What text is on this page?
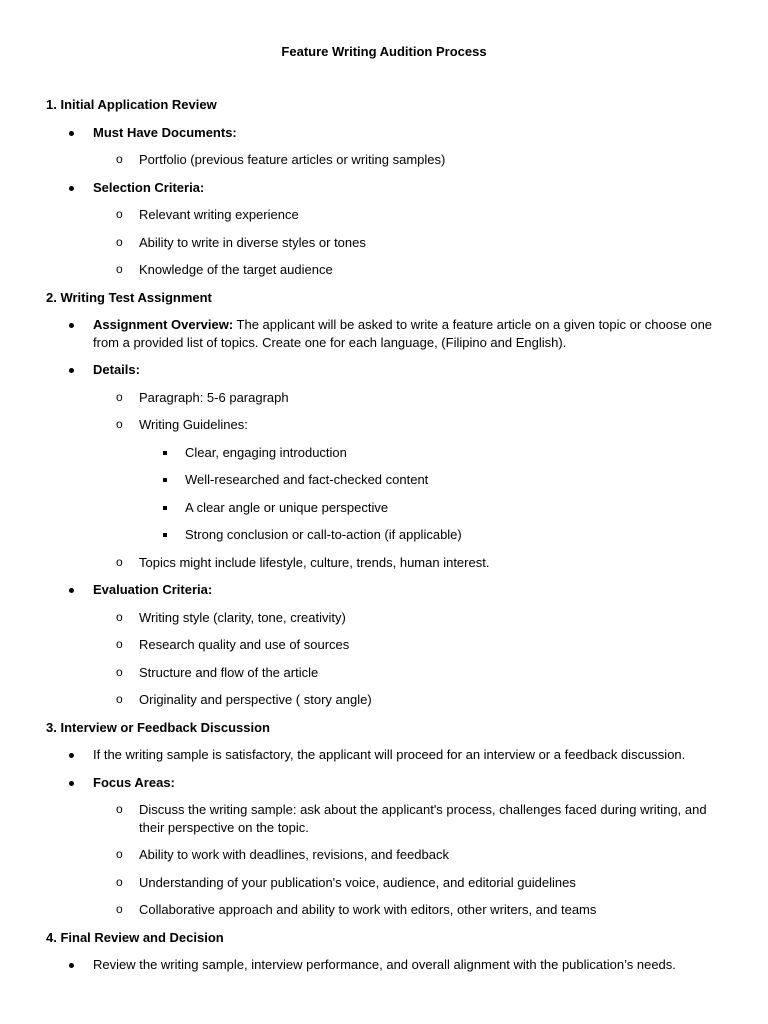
Feature Writing Audition Process
1. Initial Application Review
Must Have Documents:
o Portfolio (previous feature articles or writing samples)
Selection Criteria:
o Relevant writing experience
o Ability to write in diverse styles or tones
o Knowledge of the target audience
2. Writing Test Assignment
Assignment Overview: The applicant will be asked to write a feature article on a given topic or choose one from a provided list of topics. Create one for each language, (Filipino and English).
Details:
o Paragraph: 5-6 paragraph
o Writing Guidelines:
Clear, engaging introduction
Well-researched and fact-checked content
A clear angle or unique perspective
Strong conclusion or call-to-action (if applicable)
o Topics might include lifestyle, culture, trends, human interest.
Evaluation Criteria:
o Writing style (clarity, tone, creativity)
o Research quality and use of sources
o Structure and flow of the article
o Originality and perspective ( story angle)
3. Interview or Feedback Discussion
If the writing sample is satisfactory, the applicant will proceed for an interview or a feedback discussion.
Focus Areas:
o Discuss the writing sample: ask about the applicant's process, challenges faced during writing, and their perspective on the topic.
o Ability to work with deadlines, revisions, and feedback
o Understanding of your publication's voice, audience, and editorial guidelines
o Collaborative approach and ability to work with editors, other writers, and teams
4. Final Review and Decision
Review the writing sample, interview performance, and overall alignment with the publication’s needs.
